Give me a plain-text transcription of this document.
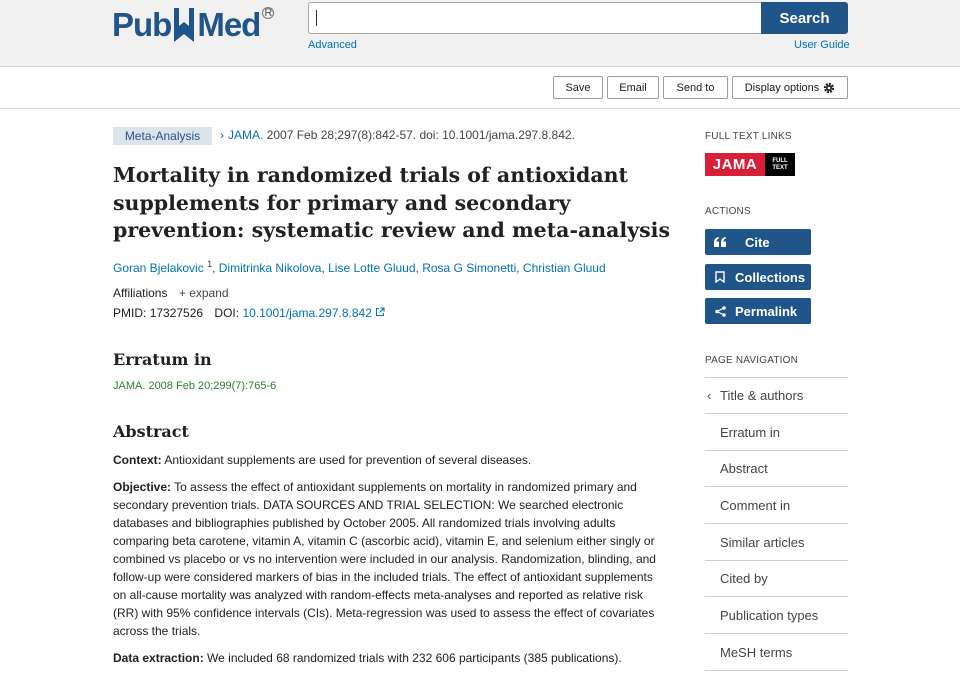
Pub Med R	Search
Advanced	User Guide
Save	Email	Send to	Display options
Meta-Analysis	› JAMA. 2007 Feb 28;297(8):842-57. doi: 10.1001/jama.297.8.842.
Mortality in randomized trials of antioxidant supplements for primary and secondary prevention: systematic review and meta-analysis
Goran Bjelakovic $^1$, Dimitrinka Nikolova, Lise Lotte Gluud, Rosa G Simonetti, Christian Gluud
Affiliations + expand
PMID: 17327526 DOI: 10.1001/jama.297.8.842
Erratum in
JAMA. 2008 Feb 20;299(7):765-6
Abstract

Context: Antioxidant supplements are used for prevention of several diseases.

Objective: To assess the effect of antioxidant supplements on mortality in randomized primary and secondary prevention trials. DATA SOURCES AND TRIAL SELECTION: We searched electronic databases and bibliographies published by October 2005. All randomized trials involving adults comparing beta carotene, vitamin A, vitamin C (ascorbic acid), vitamin E, and selenium either singly or combined vs placebo or vs no intervention were included in our analysis. Randomization, blinding, and follow-up were considered markers of bias in the included trials. The effect of antioxidant supplements on all-cause mortality was analyzed with random-effects meta-analyses and reported as relative risk (RR) with 95% confidence intervals (CIs). Meta-regression was used to assess the effect of covariates across the trials.

Data extraction: We included 68 randomized trials with 232 606 participants (385 publications).

FULL TEXT LINKS
JAMA	FULL
TEXT
ACTIONS
Cite
Collections
Permalink
PAGE NAVIGATION
‹ Title & authors
Erratum in
Abstract
Comment in
Similar articles
Cited by
Publication types
MeSH terms
